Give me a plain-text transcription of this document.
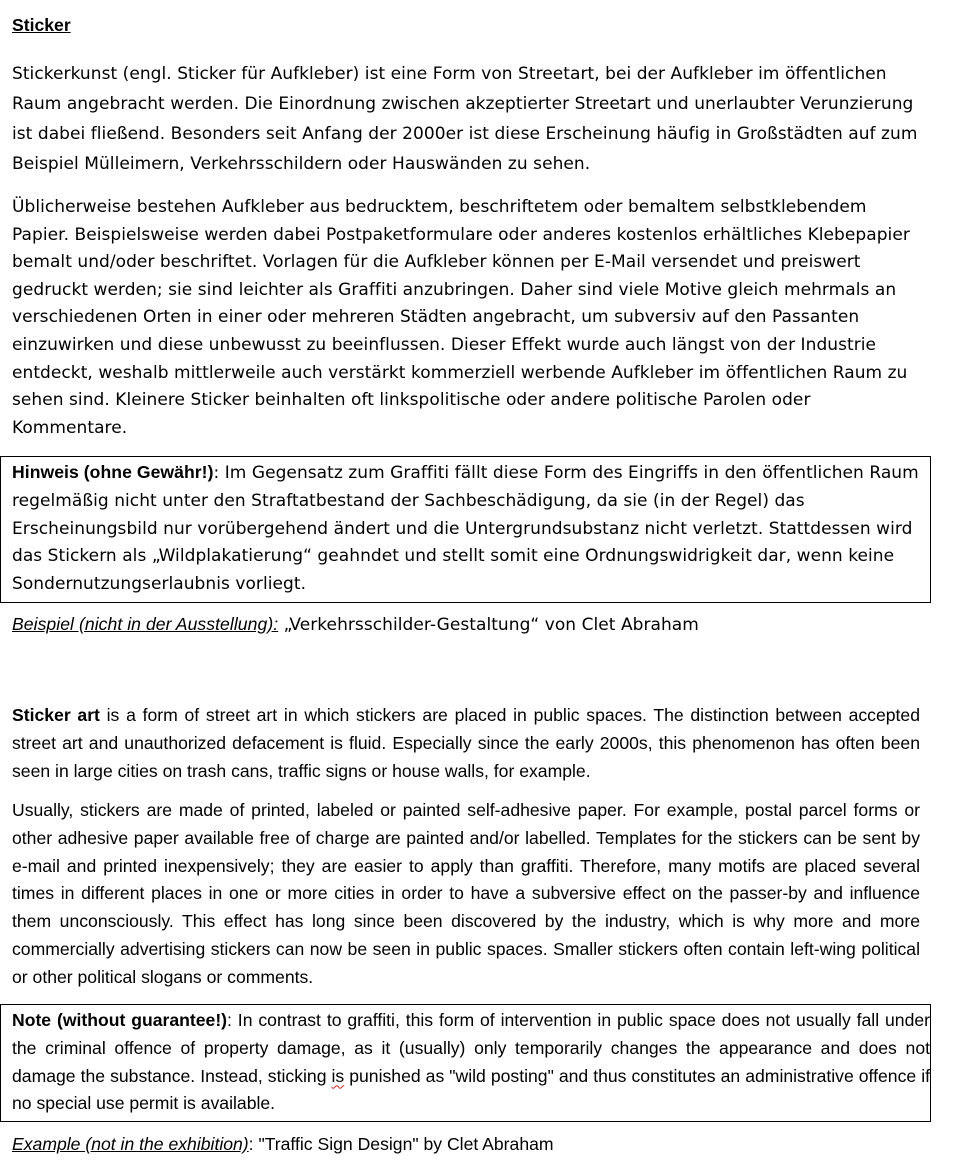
Sticker

Stickerkunst (engl. Sticker für Aufkleber) ist eine Form von Streetart, bei der Aufkleber im öffentlichen Raum angebracht werden. Die Einordnung zwischen akzeptierter Streetart und unerlaubter Verunzierung ist dabei fließend. Besonders seit Anfang der 2000er ist diese Erscheinung häufig in Großstädten auf zum Beispiel Mülleimern, Verkehrsschildern oder Hauswänden zu sehen.

Üblicherweise bestehen Aufkleber aus bedrucktem, beschriftetem oder bemaltem selbstklebendem Papier. Beispielsweise werden dabei Postpaketformulare oder anderes kostenlos erhältliches Klebepapier bemalt und/oder beschriftet. Vorlagen für die Aufkleber können per E-Mail versendet und preiswert gedruckt werden; sie sind leichter als Graffiti anzubringen. Daher sind viele Motive gleich mehrmals an verschiedenen Orten in einer oder mehreren Städten angebracht, um subversiv auf den Passanten einzuwirken und diese unbewusst zu beeinflussen. Dieser Effekt wurde auch längst von der Industrie entdeckt, weshalb mittlerweile auch verstärkt kommerziell werbende Aufkleber im öffentlichen Raum zu sehen sind. Kleinere Sticker beinhalten oft linkspolitische oder andere politische Parolen oder Kommentare.

Hinweis (ohne Gewähr!): Im Gegensatz zum Graffiti fällt diese Form des Eingriffs in den öffentlichen Raum regelmäßig nicht unter den Straftatbestand der Sachbeschädigung, da sie (in der Regel) das Erscheinungsbild nur vorübergehend ändert und die Untergrundsubstanz nicht verletzt. Stattdessen wird das Stickern als „Wildplakatierung“ geahndet und stellt somit eine Ordnungswidrigkeit dar, wenn keine Sondernutzungserlaubnis vorliegt.

Beispiel (nicht in der Ausstellung): „Verkehrsschilder-Gestaltung“ von Clet Abraham

Sticker art is a form of street art in which stickers are placed in public spaces. The distinction between accepted street art and unauthorized defacement is fluid. Especially since the early 2000s, this phenomenon has often been seen in large cities on trash cans, traffic signs or house walls, for example.

Usually, stickers are made of printed, labeled or painted self-adhesive paper. For example, postal parcel forms or other adhesive paper available free of charge are painted and/or labelled. Templates for the stickers can be sent by e-mail and printed inexpensively; they are easier to apply than graffiti. Therefore, many motifs are placed several times in different places in one or more cities in order to have a subversive effect on the passer-by and influence them unconsciously. This effect has long since been discovered by the industry, which is why more and more commercially advertising stickers can now be seen in public spaces. Smaller stickers often contain left-wing political or other political slogans or comments.

Note (without guarantee!): In contrast to graffiti, this form of intervention in public space does not usually fall under the criminal offence of property damage, as it (usually) only temporarily changes the appearance and does not damage the substance. Instead, sticking is punished as "wild posting" and thus constitutes an administrative offence if no special use permit is available.

Example (not in the exhibition): "Traffic Sign Design" by Clet Abraham
